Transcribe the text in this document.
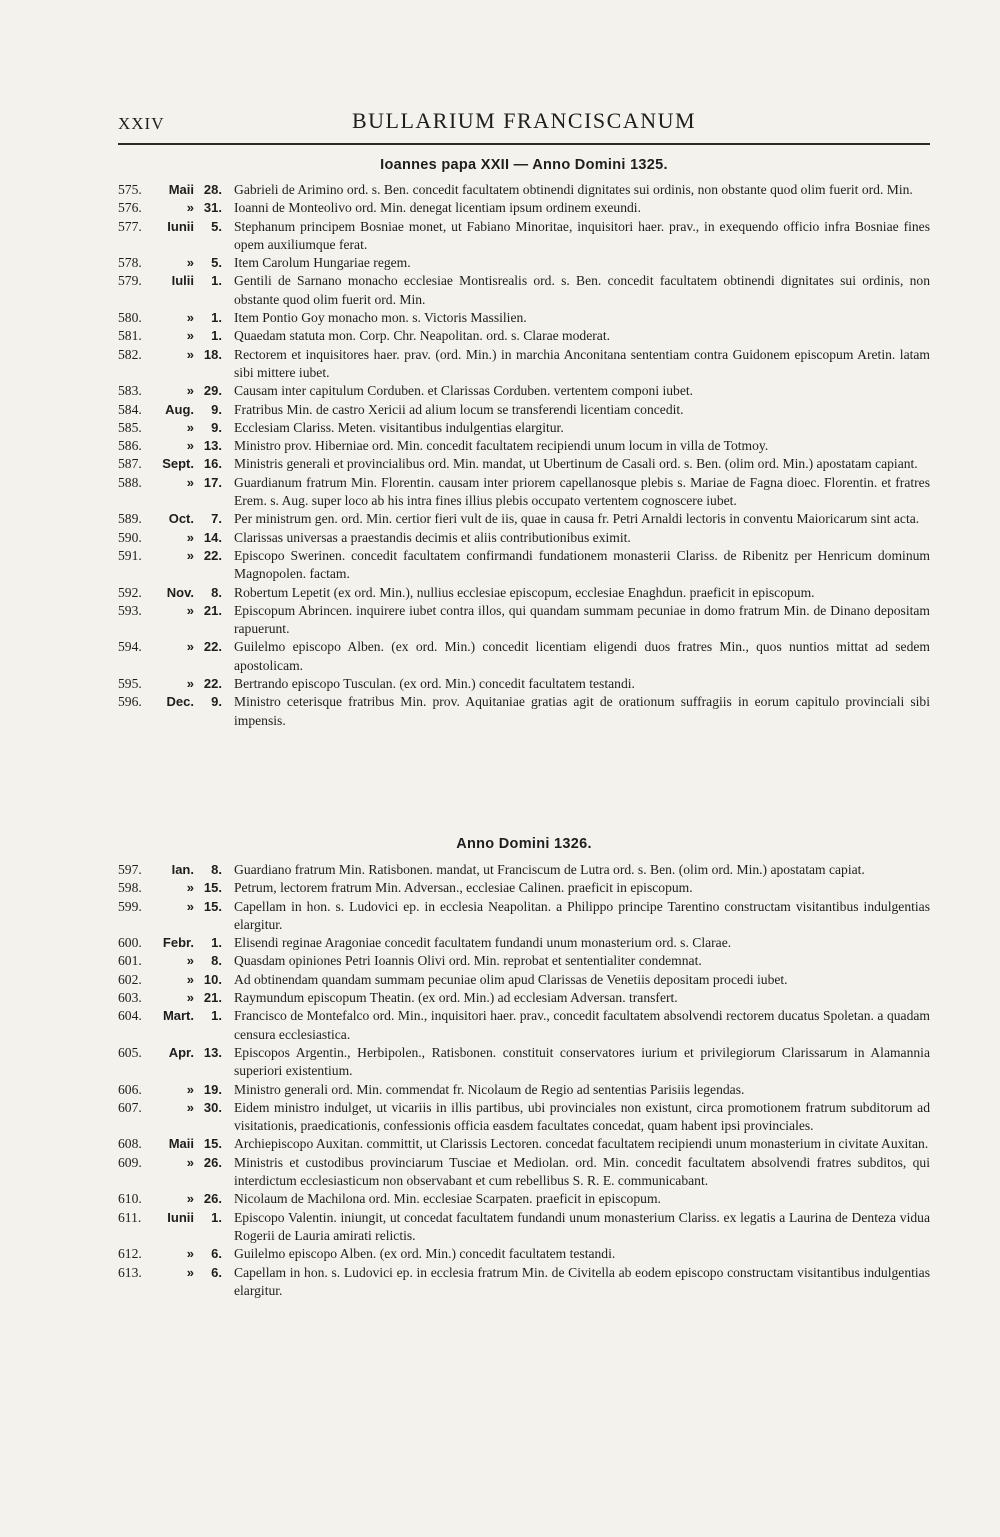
XXIV	BULLARIUM FRANCISCANUM
Ioannes papa XXII — Anno Domini 1325.
575.	Maii 28. Gabrieli de Arimino ord. s. Ben. concedit facultatem obtinendi dignitates sui ordinis, non obstante quod olim fuerit ord. Min.
576.	» 31. Ioanni de Monteolivo ord. Min. denegat licentiam ipsum ordinem exeundi.
577.	Iunii	5. Stephanum principem Bosniae monet, ut Fabiano Minoritae, inquisitori haer. prav., in exequendo officio infra Bosniae fines opem auxiliumque ferat.
578.	»	5. Item Carolum Hungariae regem.
579.	Iulii	1. Gentili de Sarnano monacho ecclesiae Montisrealis ord. s. Ben. concedit facultatem obtinendi dignitates sui ordinis, non obstante quod olim fuerit ord. Min.
580.	»	1. Item Pontio Goy monacho mon. s. Victoris Massilien.
581.	»	1. Quaedam statuta mon. Corp. Chr. Neapolitan. ord. s. Clarae moderat.
582.	» 18. Rectorem et inquisitores haer. prav. (ord. Min.) in marchia Anconitana sententiam contra Guidonem episcopum Aretin. latam sibi mittere iubet.
583.	» 29. Causam inter capitulum Corduben. et Clarissas Corduben. vertentem componi iubet.
584.	Aug.	9. Fratribus Min. de castro Xericii ad alium locum se transferendi licentiam concedit.
585.	»	9. Ecclesiam Clariss. Meten. visitantibus indulgentias elargitur.
586.	» 13. Ministro prov. Hiberniae ord. Min. concedit facultatem recipiendi unum locum in villa de Totmoy.
587.	Sept. 16. Ministris generali et provincialibus ord. Min. mandat, ut Ubertinum de Casali ord. s. Ben. (olim ord. Min.) apostatam capiant.
588.	» 17. Guardianum fratrum Min. Florentin. causam inter priorem capellanosque plebis s. Mariae de Fagna dioec. Florentin. et fratres Erem. s. Aug. super loco ab his intra fines illius plebis occupato vertentem cognoscere iubet.
589.	Oct.	7. Per ministrum gen. ord. Min. certior fieri vult de iis, quae in causa fr. Petri Arnaldi lectoris in conventu Maioricarum sint acta.
590.	» 14. Clarissas universas a praestandis decimis et aliis contributionibus eximit.
591.	» 22. Episcopo Swerinen. concedit facultatem confirmandi fundationem monasterii Clariss. de Ribenitz per Henricum dominum Magnopolen. factam.
592.	Nov.	8. Robertum Lepetit (ex ord. Min.), nullius ecclesiae episcopum, ecclesiae Enaghdun. praeficit in episcopum.
593.	» 21. Episcopum Abrincen. inquirere iubet contra illos, qui quandam summam pecuniae in domo fratrum Min. de Dinano depositam rapuerunt.
594.	» 22. Guilelmo episcopo Alben. (ex ord. Min.) concedit licentiam eligendi duos fratres Min., quos nuntios mittat ad sedem apostolicam.
595.	» 22. Bertrando episcopo Tusculan. (ex ord. Min.) concedit facultatem testandi.
596.	Dec.	9. Ministro ceterisque fratribus Min. prov. Aquitaniae gratias agit de orationum suffragiis in eorum capitulo provinciali sibi impensis.
Anno Domini 1326.
597.	Ian.	8. Guardiano fratrum Min. Ratisbonen. mandat, ut Franciscum de Lutra ord. s. Ben. (olim ord. Min.) apostatam capiat.
598.	» 15. Petrum, lectorem fratrum Min. Adversan., ecclesiae Calinen. praeficit in episcopum.
599.	» 15. Capellam in hon. s. Ludovici ep. in ecclesia Neapolitan. a Philippo principe Tarentino constructam visitantibus indulgentias elargitur.
600.	Febr.	1. Elisendi reginae Aragoniae concedit facultatem fundandi unum monasterium ord. s. Clarae.
601.	»	8. Quasdam opiniones Petri Ioannis Olivi ord. Min. reprobat et sententialiter condemnat.
602.	» 10. Ad obtinendam quandam summam pecuniae olim apud Clarissas de Venetiis depositam procedi iubet.
603.	» 21. Raymundum episcopum Theatin. (ex ord. Min.) ad ecclesiam Adversan. transfert.
604.	Mart.	1. Francisco de Montefalco ord. Min., inquisitori haer. prav., concedit facultatem absolvendi rectorem ducatus Spoletan. a quadam censura ecclesiastica.
605.	Apr. 13. Episcopos Argentin., Herbipolen., Ratisbonen. constituit conservatores iurium et privilegiorum Clarissarum in Alamannia superiori existentium.
606.	» 19. Ministro generali ord. Min. commendat fr. Nicolaum de Regio ad sententias Parisiis legendas.
607.	» 30. Eidem ministro indulget, ut vicariis in illis partibus, ubi provinciales non existunt, circa promotionem fratrum subditorum ad visitationis, praedicationis, confessionis officia easdem facultates concedat, quam habent ipsi provinciales.
608.	Maii 15. Archiepiscopo Auxitan. committit, ut Clarissis Lectoren. concedat facultatem recipiendi unum monasterium in civitate Auxitan.
609.	» 26. Ministris et custodibus provinciarum Tusciae et Mediolan. ord. Min. concedit facultatem absolvendi fratres subditos, qui interdictum ecclesiasticum non observabant et cum rebellibus S. R. E. communicabant.
610.	» 26. Nicolaum de Machilona ord. Min. ecclesiae Scarpaten. praeficit in episcopum.
611.	Iunii	1. Episcopo Valentin. iniungit, ut concedat facultatem fundandi unum monasterium Clariss. ex legatis a Laurina de Denteza vidua Rogerii de Lauria amirati relictis.
612.	»	6. Guilelmo episcopo Alben. (ex ord. Min.) concedit facultatem testandi.
613.	»	6. Capellam in hon. s. Ludovici ep. in ecclesia fratrum Min. de Civitella ab eodem episcopo constructam visitantibus indulgentias elargitur.
